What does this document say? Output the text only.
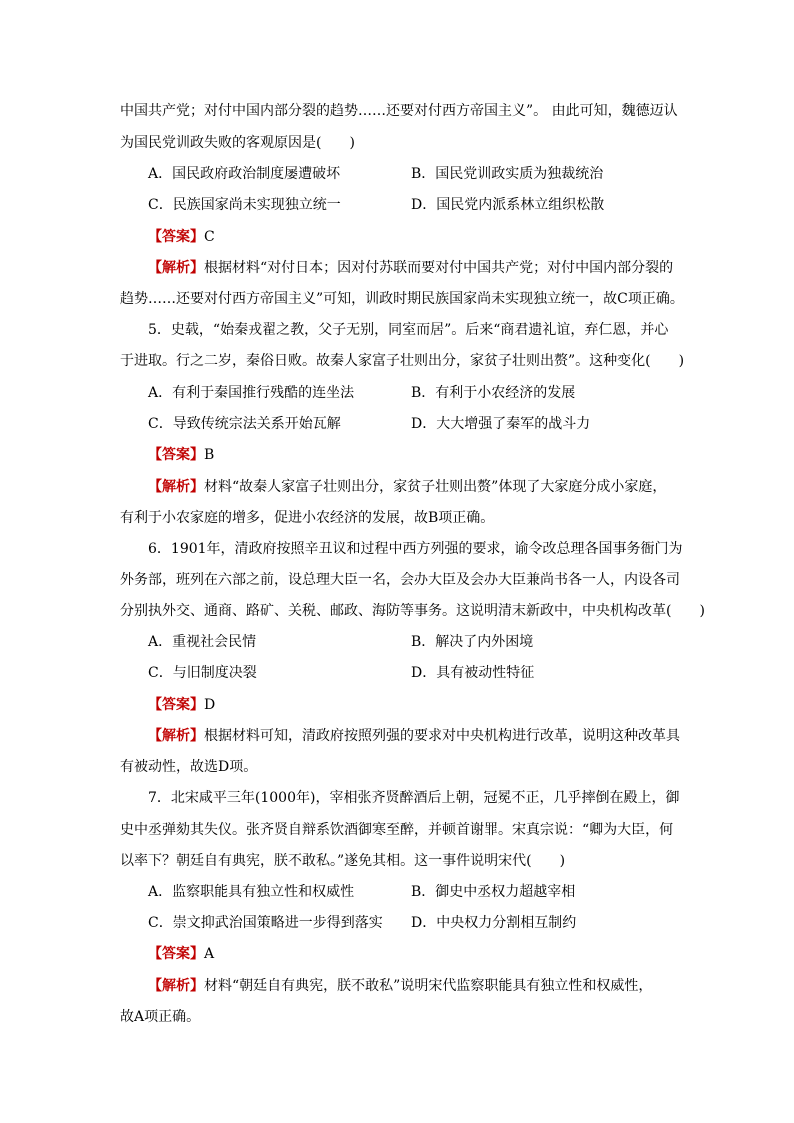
中国共产党；对付中国内部分裂的趋势……还要对付西方帝国主义”。 由此可知，魏德迈认
为国民党训政失败的客观原因是(　　)
A．国民政府政治制度屡遭破坏	B．国民党训政实质为独裁统治
C．民族国家尚未实现独立统一	D．国民党内派系林立组织松散
【答案】C
【解析】根据材料“对付日本；因对付苏联而要对付中国共产党；对付中国内部分裂的
趋势……还要对付西方帝国主义”可知，训政时期民族国家尚未实现独立统一，故C项正确。
5．史载，“始秦戎翟之教，父子无别，同室而居”。后来“商君遗礼谊，弃仁恩，并心
于进取。行之二岁，秦俗日败。故秦人家富子壮则出分，家贫子壮则出赘”。这种变化(　　)
A．有利于秦国推行残酷的连坐法	B．有利于小农经济的发展
C．导致传统宗法关系开始瓦解	D．大大增强了秦军的战斗力
【答案】B
【解析】材料“故秦人家富子壮则出分，家贫子壮则出赘”体现了大家庭分成小家庭，
有利于小农家庭的增多，促进小农经济的发展，故B项正确。
6．1901年，清政府按照辛丑议和过程中西方列强的要求，谕令改总理各国事务衙门为
外务部，班列在六部之前，设总理大臣一名，会办大臣及会办大臣兼尚书各一人，内设各司
分别执外交、通商、路矿、关税、邮政、海防等事务。这说明清末新政中，中央机构改革(　　)
A．重视社会民情	B．解决了内外困境
C．与旧制度决裂	D．具有被动性特征
【答案】D
【解析】根据材料可知，清政府按照列强的要求对中央机构进行改革，说明这种改革具
有被动性，故选D项。
7．北宋咸平三年(1000年)，宰相张齐贤醉酒后上朝，冠冕不正，几乎摔倒在殿上，御
史中丞弹劾其失仪。张齐贤自辩系饮酒御寒至醉，并顿首谢罪。宋真宗说：“卿为大臣，何
以率下？朝廷自有典宪，朕不敢私。”遂免其相。这一事件说明宋代(　　)
A．监察职能具有独立性和权威性	B．御史中丞权力超越宰相
C．崇文抑武治国策略进一步得到落实 D．中央权力分割相互制约
【答案】A
【解析】材料“朝廷自有典宪，朕不敢私”说明宋代监察职能具有独立性和权威性，
故A项正确。
